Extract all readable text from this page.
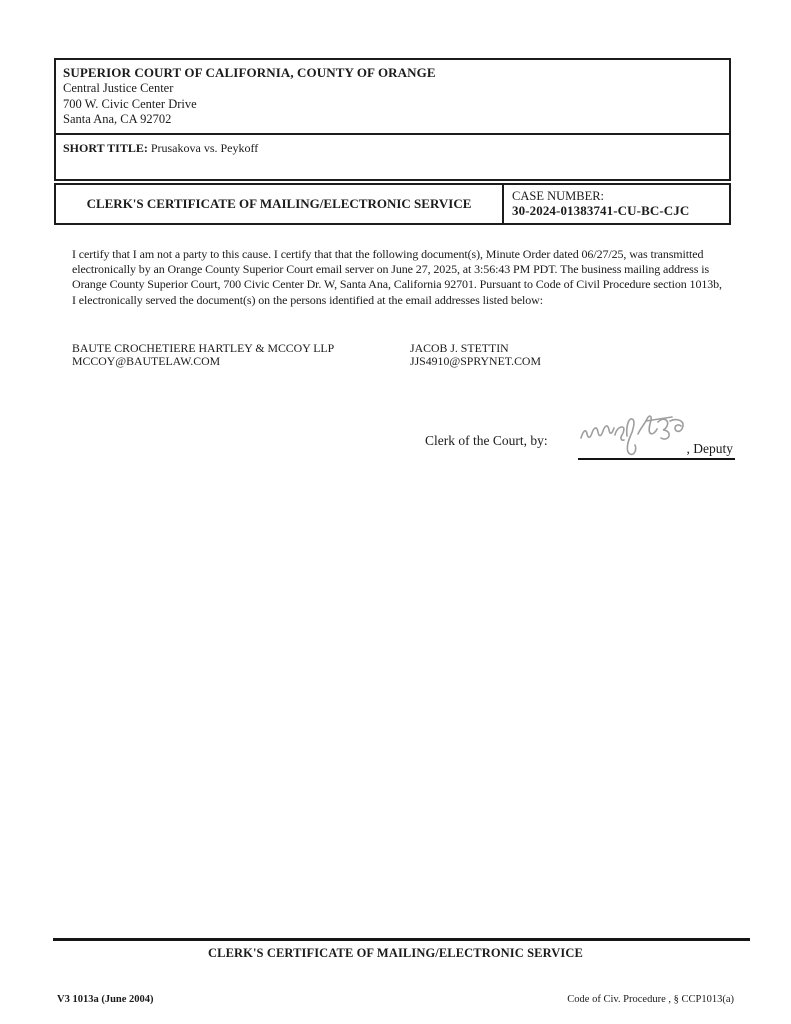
SUPERIOR COURT OF CALIFORNIA, COUNTY OF ORANGE
Central Justice Center
700 W. Civic Center Drive
Santa Ana, CA 92702
SHORT TITLE: Prusakova vs. Peykoff
CLERK'S CERTIFICATE OF MAILING/ELECTRONIC SERVICE	CASE NUMBER:
30-2024-01383741-CU-BC-CJC
I certify that I am not a party to this cause. I certify that that the following document(s), Minute Order dated 06/27/25, was transmitted electronically by an Orange County Superior Court email server on June 27, 2025, at 3:56:43 PM PDT. The business mailing address is Orange County Superior Court, 700 Civic Center Dr. W, Santa Ana, California 92701. Pursuant to Code of Civil Procedure section 1013b, I electronically served the document(s) on the persons identified at the email addresses listed below:
BAUTE CROCHETIERE HARTLEY & MCCOY LLP
MCCOY@BAUTELAW.COM
JACOB J. STETTIN
JJS4910@SPRYNET.COM
Clerk of the Court, by:
, Deputy
CLERK'S CERTIFICATE OF MAILING/ELECTRONIC SERVICE
V3 1013a (June 2004)	Code of Civ. Procedure , § CCP1013(a)
